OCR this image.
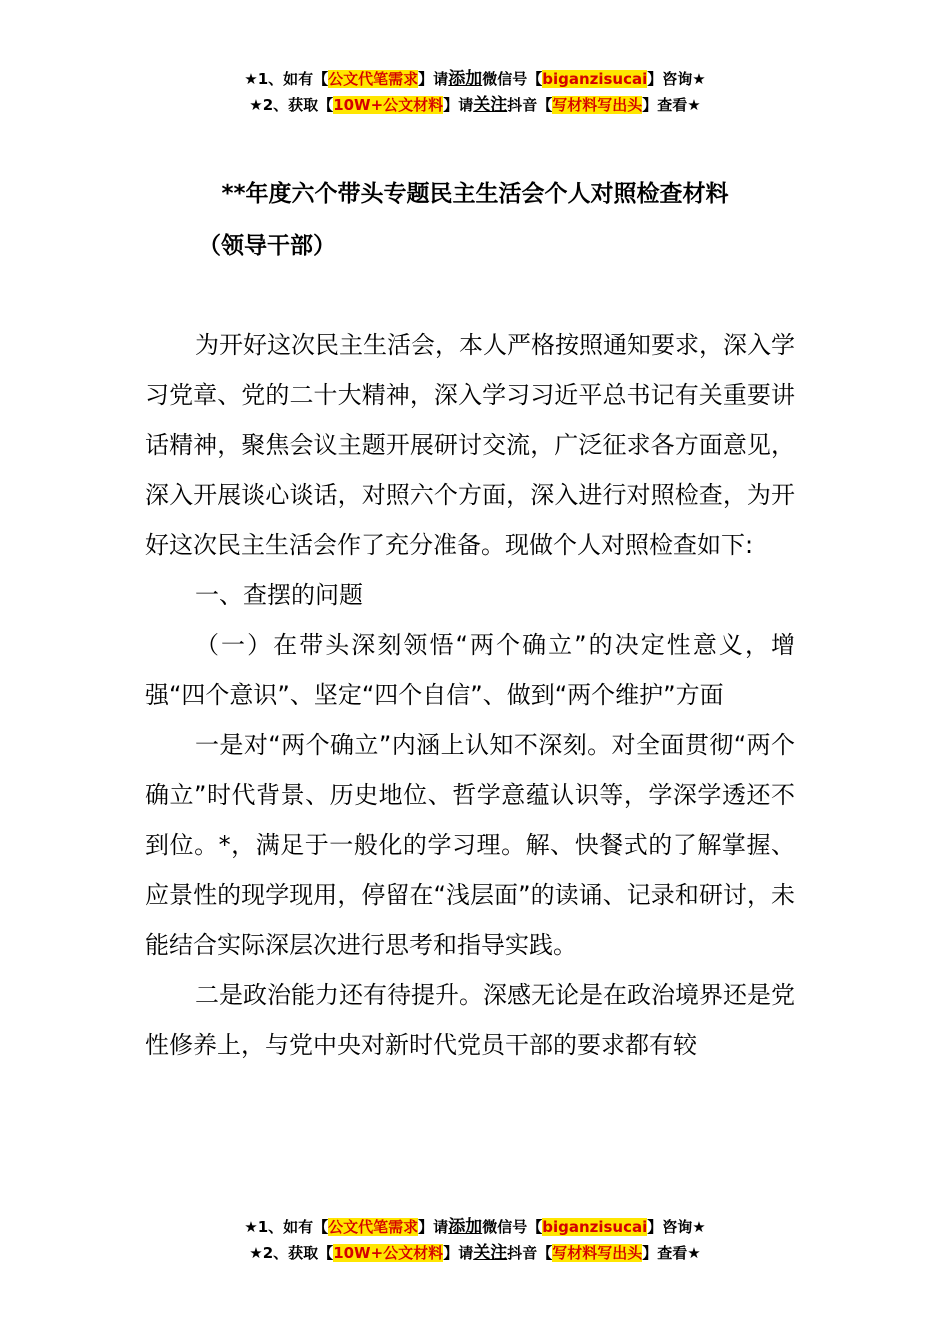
★1、如有【公文代笔需求】请添加微信号【biganzisucai】咨询★
★2、获取【10W+公文材料】请关注抖音【写材料写出头】查看★
**年度六个带头专题民主生活会个人对照检查材料
（领导干部）

为开好这次民主生活会，本人严格按照通知要求，深入学习党章、党的二十大精神，深入学习习近平总书记有关重要讲话精神，聚焦会议主题开展研讨交流，广泛征求各方面意见，深入开展谈心谈话，对照六个方面，深入进行对照检查，为开好这次民主生活会作了充分准备。现做个人对照检查如下:

一、查摆的问题

（一）在带头深刻领悟“两个确立”的决定性意义，增强“四个意识”、坚定“四个自信”、做到“两个维护”方面

一是对“两个确立”内涵上认知不深刻。对全面贯彻“两个确立”时代背景、历史地位、哲学意蕴认识等，学深学透还不到位。*，满足于一般化的学习理。解、快餐式的了解掌握、应景性的现学现用，停留在“浅层面”的读诵、记录和研讨，未能结合实际深层次进行思考和指导实践。

二是政治能力还有待提升。深感无论是在政治境界还是党性修养上，与党中央对新时代党员干部的要求都有较

★1、如有【公文代笔需求】请添加微信号【biganzisucai】咨询★
★2、获取【10W+公文材料】请关注抖音【写材料写出头】查看★
